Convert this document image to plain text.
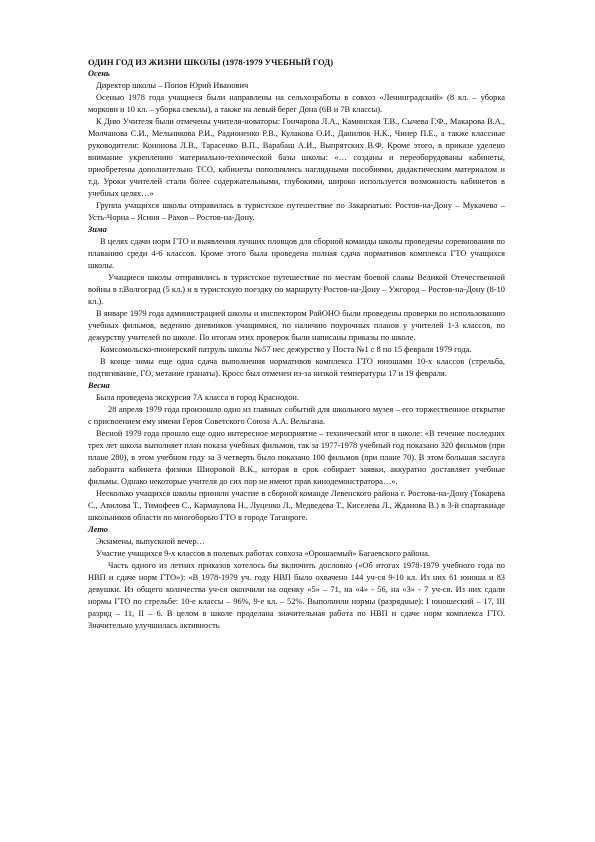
ОДИН ГОД ИЗ ЖИЗНИ ШКОЛЫ (1978-1979 УЧЕБНЫЙ ГОД)
Осень

Директор школы – Попов Юрий Иванович

Осенью 1978 года учащиеся были направлены на сельхозработы в совхоз «Ленинградский» (8 кл. – уборка моркови и 10 кл. – уборка свеклы), а также на левый берег Дона (6В и 7В классы).

К Дню Учителя были отмечены учителя-новаторы: Гончарова Л.А., Каминская Т.В., Сычева Г.Ф., Макарова В.А., Молчанова С.И., Мельникова Р.И., Радионенко Р.В., Кулакова О.И., Данилюк Н.К., Чинер П.Е., а также классные руководители: Кононова Л.В., Тарасенко В.П., Варабаш А.И., Выпрятских В.Ф. Кроме этого, в приказе уделено внимание укреплению материально-технической базы школы: «… созданы и переоборудованы кабинеты, приобретены дополнительно ТСО, кабинеты пополнялись наглядными пособиями, дидактическим материалом и т.д. Уроки учителей стали более содержательными, глубокими, широко используется возможность кабинетов в учебных целях…»

Группа учащихся школы отправилась в туристское путешествие по Закарпатью: Ростов-на-Дону – Мукачево – Усть-Чорна – Ясиня – Рахов – Ростов-на-Дону.

Зима

В целях сдачи норм ГТО и выявления лучших пловцов для сборной команды школы проведены соревнования по плаванию среди 4-6 классов. Кроме этого была проведена полная сдача нормативов комплекса ГТО учащихся школы.

Учащиеся школы отправились в туристское путешествие по местам боевой славы Великой Отечественной войны в г.Волгоград (5 кл.) и в туристскую поездку по маршруту Ростов-на-Дону – Ужгород – Ростов-на-Дону (8-10 кл.).

В январе 1979 года администрацией школы и инспектором РайОНО были проведены проверки по использованию учебных фильмов, ведению дневников учащимися, по наличию поурочных планов у учителей 1-3 классов, по дежурству учителей по школе. По итогам этих проверок были написаны приказы по школе.

Комсомольско-пионерский патруль школы №57 нес дежурство у Поста №1 с 8 по 15 февраля 1979 года.

В конце зимы еще одна сдача выполнения нормативов комплекса ГТО юношами 10-х классов (стрельба, подтягивание, ГО, метание гранаты). Кросс был отменен из-за низкой температуры 17 и 19 февраля.

Весна

Была проведена экскурсия 7А класса в город Краснодон.

28 апреля 1979 года произошло одно из главных событий для школьного музея – его торжественное открытие с присвоением ему имени Героя Советского Союза А.А. Вельгана.

Весной 1979 года прошло еще одно интересное мероприятие – технический итог в школе: «В течение последних трех лет школа выполняет план показа учебных фильмов, так за 1977-1978 учебный год показано 320 фильмов (при плане 280), в этом учебном году за 3 четверть было показано 100 фильмов (при плане 70). В этом большая заслуга лаборанта кабинета физики Шиоровой В.К., которая в срок собирает заявки, аккуратно доставляет учебные фильмы. Однако некоторые учителя до сих пор не имеют прав кинодемонстратора…».

Несколько учащихся школы приняли участие в сборной команде Левенского района г. Ростова-на-Дону (Токарева С., Авилова Т., Тимофеев С., Кармаулова Н., Луценко Л., Медведева Т., Киселева Л., Жданова В.) в 3-й спартакиаде школьников области по многоборью ГТО в городе Таганроге.

Лето

Экзамены, выпускной вечер…

Участие учащихся 9-х классов в полевых работах совхоза «Орошаемый» Багаевского района.

Часть одного из летних приказов хотелось бы включить дословно («Об итогах 1978-1979 учебного года по НВП и сдаче норм ГТО»): «В 1978-1979 уч. году НВП было охвачено 144 уч-ся 9-10 кл. Из них 61 юноша и 83 девушки. Из общего количества уч-ся окончили на оценку «5» – 71, на «4» - 56, на «3» - 7 уч-ся. Из них сдали нормы ГТО по стрельбе: 10-е классы – 96%, 9-е кл. – 52%. Выполнили нормы (разрядные): I юношеский – 17, III разряд – 11, II – 6. В целом в школе проделана значительная работа по НВП и сдаче норм комплекса ГТО. Значительно улучшилась активность
